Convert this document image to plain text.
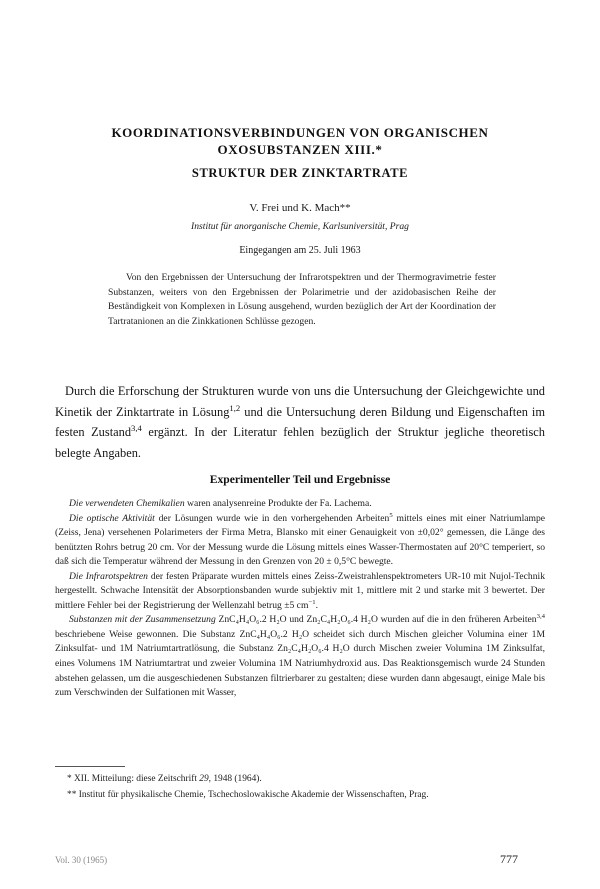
KOORDINATIONSVERBINDUNGEN VON ORGANISCHEN
OXOSUBSTANZEN XIII.*
STRUKTUR DER ZINKTARTRATE
V. Frei und K. Mach**
Institut für anorganische Chemie, Karlsuniversität, Prag
Eingegangen am 25. Juli 1963
Von den Ergebnissen der Untersuchung der Infrarotspektren und der Thermogravimetrie fester Substanzen, weiters von den Ergebnissen der Polarimetrie und der azidobasischen Reihe der Beständigkeit von Komplexen in Lösung ausgehend, wurden bezüglich der Art der Koordination der Tartratanionen an die Zinkkationen Schlüsse gezogen.
Durch die Erforschung der Strukturen wurde von uns die Untersuchung der Gleichgewichte und Kinetik der Zinktartrate in Lösung$^{1,2}$ und die Untersuchung deren Bildung und Eigenschaften im festen Zustand$^{3,4}$ ergänzt. In der Literatur fehlen bezüglich der Struktur jegliche theoretisch belegte Angaben.
Experimenteller Teil und Ergebnisse

Die verwendeten Chemikalien waren analysenreine Produkte der Fa. Lachema.

Die optische Aktivität der Lösungen wurde wie in den vorhergehenden Arbeiten$^5$ mittels eines mit einer Natriumlampe (Zeiss, Jena) versehenen Polarimeters der Firma Metra, Blansko mit einer Genauigkeit von ±0,02° gemessen, die Länge des benützten Rohrs betrug 20 cm. Vor der Messung wurde die Lösung mittels eines Wasser-Thermostaten auf 20°C temperiert, so daß sich die Temperatur während der Messung in den Grenzen von 20 ± 0,5°C bewegte.

Die Infrarotspektren der festen Präparate wurden mittels eines Zeiss-Zweistrahlenspektrometers UR-10 mit Nujol-Technik hergestellt. Schwache Intensität der Absorptionsbanden wurde subjektiv mit 1, mittlere mit 2 und starke mit 3 bewertet. Der mittlere Fehler bei der Registrierung der Wellenzahl betrug ±5 $cm^{-1}$.

Substanzen mit der Zusammensetzung ZnC₄H₄O₆.2 H₂O und Zn₂C₄H₂O₆.4 H₂O wurden auf die in den früheren Arbeiten$^{3,4}$ beschriebene Weise gewonnen. Die Substanz ZnC₄H₄O₆.2 H₂O scheidet sich durch Mischen gleicher Volumina einer 1M Zinksulfat- und 1M Natriumtartratlösung, die Substanz Zn₂C₄H₂O₆.4 H₂O durch Mischen zweier Volumina 1M Zinksulfat, eines Volumens 1M Natriumtartrat und zweier Volumina 1M Natriumhydroxid aus. Das Reaktionsgemisch wurde 24 Stunden abstehen gelassen, um die ausgeschiedenen Substanzen filtrierbarer zu gestalten; diese wurden dann abgesaugt, einige Male bis zum Verschwinden der Sulfationen mit Wasser,

* XII. Mitteilung: diese Zeitschrift 29, 1948 (1964).
** Institut für physikalische Chemie, Tschechoslowakische Akademie der Wissenschaften, Prag.
Vol. 30 (1965)	777
